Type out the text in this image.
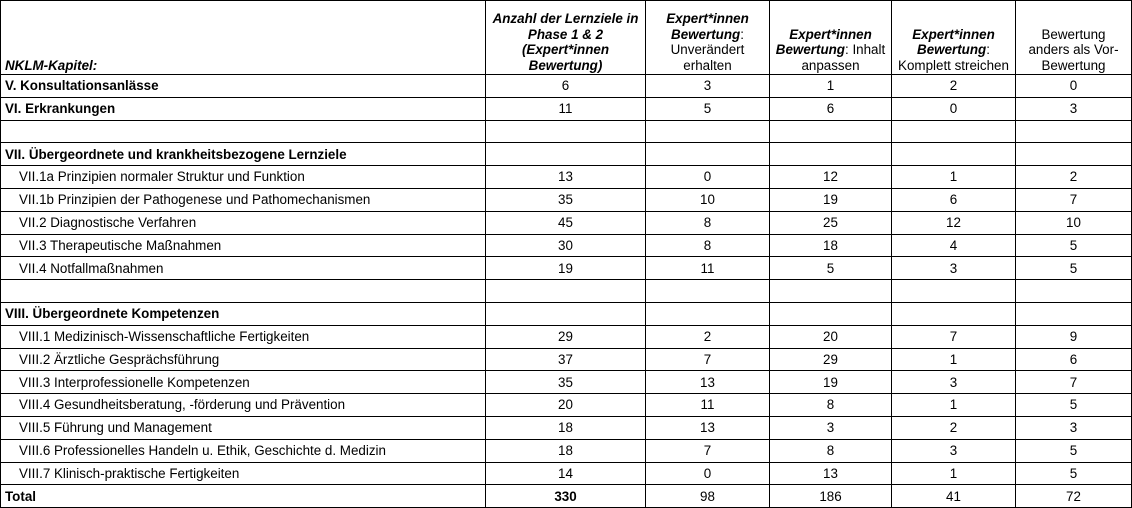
NKLM-Kapitel:	Anzahl der Lernziele in Phase 1 & 2 (Expert*innen Bewertung)	Expert*innen Bewertung: Unverändert erhalten	Expert*innen Bewertung: Inhalt anpassen	Expert*innen Bewertung: Komplett streichen	Bewertung anders als Vor-Bewertung
V. Konsultationsanlässe	6	3	1	2	0
VI. Erkrankungen	11	5	6	0	3

VII. Übergeordnete und krankheitsbezogene Lernziele					
VII.1a Prinzipien normaler Struktur und Funktion	13	0	12	1	2
VII.1b Prinzipien der Pathogenese und Pathomechanismen	35	10	19	6	7
VII.2 Diagnostische Verfahren	45	8	25	12	10
VII.3 Therapeutische Maßnahmen	30	8	18	4	5
VII.4 Notfallmaßnahmen	19	11	5	3	5

VIII. Übergeordnete Kompetenzen					
VIII.1 Medizinisch-Wissenschaftliche Fertigkeiten	29	2	20	7	9
VIII.2 Ärztliche Gesprächsführung	37	7	29	1	6
VIII.3 Interprofessionelle Kompetenzen	35	13	19	3	7
VIII.4 Gesundheitsberatung, -förderung und Prävention	20	11	8	1	5
VIII.5 Führung und Management	18	13	3	2	3
VIII.6 Professionelles Handeln u. Ethik, Geschichte d. Medizin	18	7	8	3	5
VIII.7 Klinisch-praktische Fertigkeiten	14	0	13	1	5
Total	330	98	186	41	72
